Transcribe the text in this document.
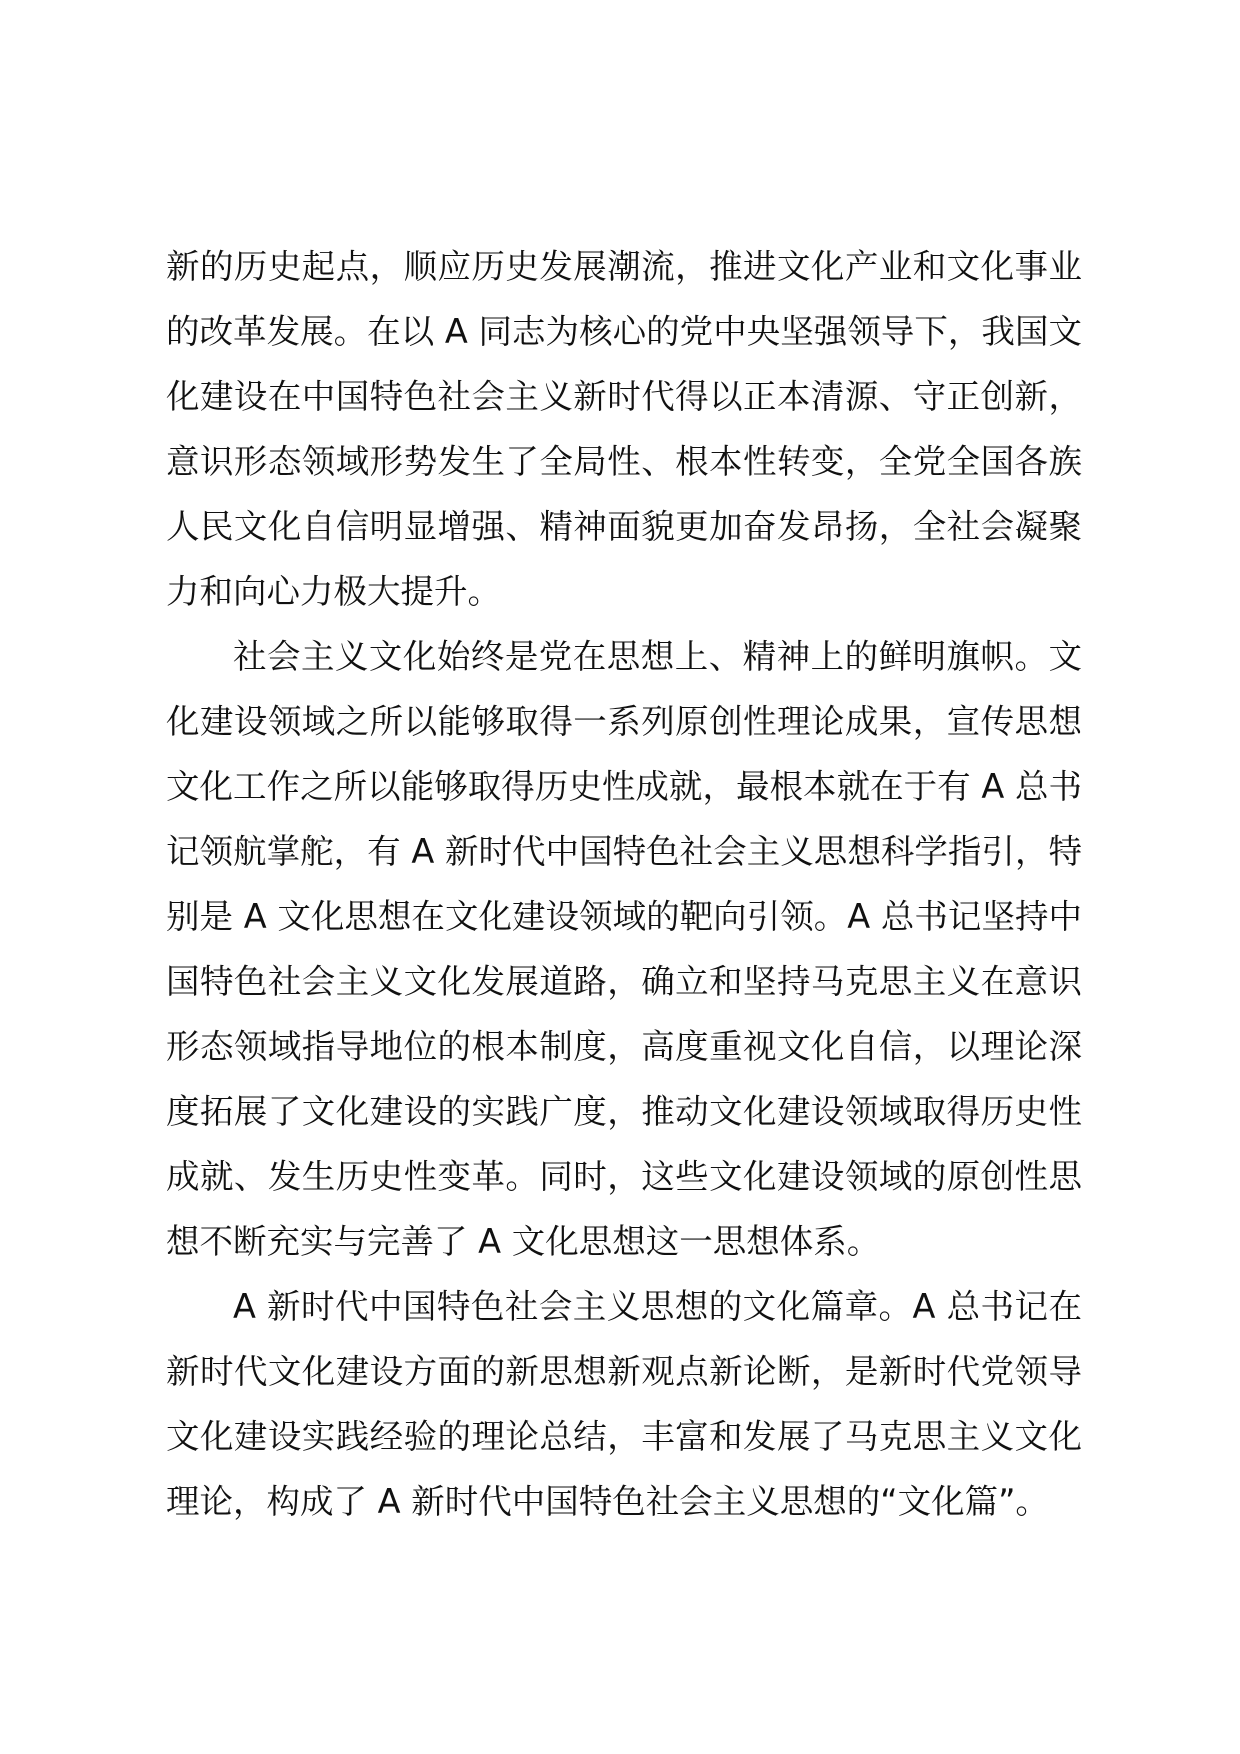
新的历史起点，顺应历史发展潮流，推进文化产业和文化事业
的改革发展。在以 A 同志为核心的党中央坚强领导下，我国文
化建设在中国特色社会主义新时代得以正本清源、守正创新，
意识形态领域形势发生了全局性、根本性转变，全党全国各族
人民文化自信明显增强、精神面貌更加奋发昂扬，全社会凝聚
力和向心力极大提升。
社会主义文化始终是党在思想上、精神上的鲜明旗帜。文
化建设领域之所以能够取得一系列原创性理论成果，宣传思想
文化工作之所以能够取得历史性成就，最根本就在于有 A 总书
记领航掌舵，有 A 新时代中国特色社会主义思想科学指引，特
别是 A 文化思想在文化建设领域的靶向引领。A 总书记坚持中
国特色社会主义文化发展道路，确立和坚持马克思主义在意识
形态领域指导地位的根本制度，高度重视文化自信，以理论深
度拓展了文化建设的实践广度，推动文化建设领域取得历史性
成就、发生历史性变革。同时，这些文化建设领域的原创性思
想不断充实与完善了 A 文化思想这一思想体系。
A 新时代中国特色社会主义思想的文化篇章。A 总书记在
新时代文化建设方面的新思想新观点新论断，是新时代党领导
文化建设实践经验的理论总结，丰富和发展了马克思主义文化
理论，构成了 A 新时代中国特色社会主义思想的“文化篇”。
